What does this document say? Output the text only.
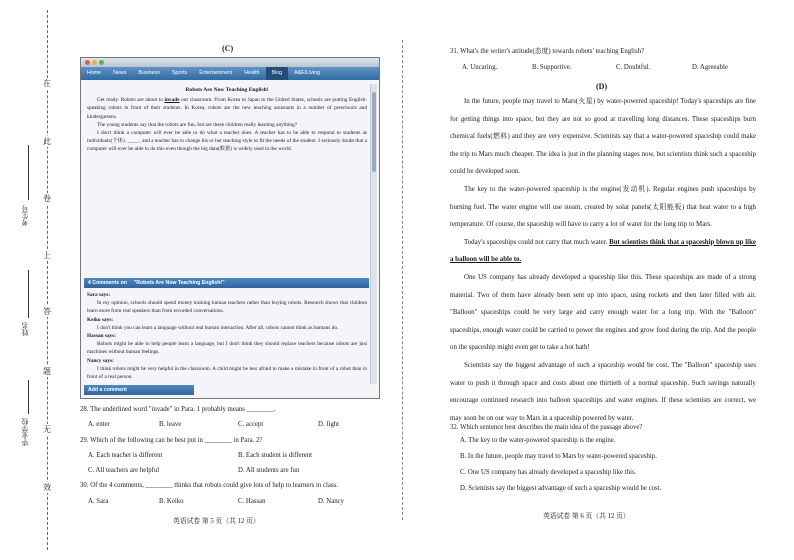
在
此
卷
上
答
题
无
效
考生号
姓名
毕业学校
(C)
Home	News	Business	Sports	Entertainment	Health	Blog	A&E/Living
Robots Are Now Teaching English!

Get ready. Robots are about to invade our classroom. From Korea to Japan to the United States, schools are putting English-speaking robots in front of their students. In Korea, robots are the new teaching assistants in a number of preschools and kindergartens.

The young students say that the robots are fun, but are these children really learning anything?

I don't think a computer will ever be able to do what a teacher does. A teacher has to be able to respond to students as individuals(个体). ____ , and a teacher has to change his or her teaching style to fit the needs of the student. I seriously doubt that a computer will ever be able to do this even though the big data(数据) is widely used in the world.

4 Comments on "Robots Are Now Teaching English!"

Sara says:

In my opinion, schools should spend money training human teachers rather than buying robots. Research shows that children learn more from real speakers than from recorded conversations.

Keiko says:

I don't think you can learn a language without real human interaction. After all, robots cannot think as humans do.

Hassan says:

Robots might be able to help people learn a language, but I don't think they should replace teachers because robots are just machines without human feelings.

Nancy says:

I think robots might be very helpful in the classroom. A child might be less afraid to make a mistake in front of a robot than in front of a real person.

Add a comment
28. The underlined word "invade" in Para. 1 probably means ________.
A. enter	B. leave	C. accept	D. fight
29. Which of the following can be best put in ________ in Para. 2?
A. Each teacher is different	B. Each student is different
C. All teachers are helpful	D. All students are fun
30. Of the 4 comments, ________ thinks that robots could give lots of help to learners in class.
A. Sara	B. Keiko	C. Hassan	D. Nancy
英语试卷 第 5 页（共 12 页）
31. What's the writer's attitude(态度) towards robots' teaching English?
A. Uncaring.	B. Supportive.	C. Doubtful.	D. Agreeable
(D)

In the future, people may travel to Mars(火星) by water-powered spaceship! Today's spaceships are fine for getting things into space, but they are not so good at travelling long distances. These spaceships burn chemical fuels(燃料) and they are very expensive. Scientists say that a water-powered spaceship could make the trip to Mars much cheaper. The idea is just in the planning stages now, but scientists think such a spaceship could be developed soon.

The key to the water-powered spaceship is the engine(发动机). Regular engines push spaceships by burning fuel. The water engine will use steam, created by solar panels(太阳能板) that heat water to a high temperature. Of course, the spaceship will have to carry a lot of water for the long trip to Mars.

Today's spaceships could not carry that much water. But scientists think that a spaceship blown up like a balloon will be able to.

One US company has already developed a spaceship like this. These spaceships are made of a strong material. Two of them have already been sent up into space, using rockets and then later filled with air. "Balloon" spaceships could be very large and carry enough water for a long trip. With the "Balloon" spaceships, enough water could be carried to power the engines and grow food during the trip. And the people on the spaceship might even get to take a hot bath!

Scientists say the biggest advantage of such a spaceship would be cost. The "Balloon" spaceship uses water to push it through space and costs about one thirtieth of a normal spaceship. Such savings naturally encourage continued research into balloon spaceships and water engines. If these scientists are correct, we may soon be on our way to Mars in a spaceship powered by water.

32. Which sentence best describes the main idea of the passage above?
A. The key to the water-powered spaceship is the engine.
B. In the future, people may travel to Mars by water-powered spaceship.
C. One US company has already developed a spaceship like this.
D. Scientists say the biggest advantage of such a spaceship would be cost.
英语试卷 第 6 页（共 12 页）
